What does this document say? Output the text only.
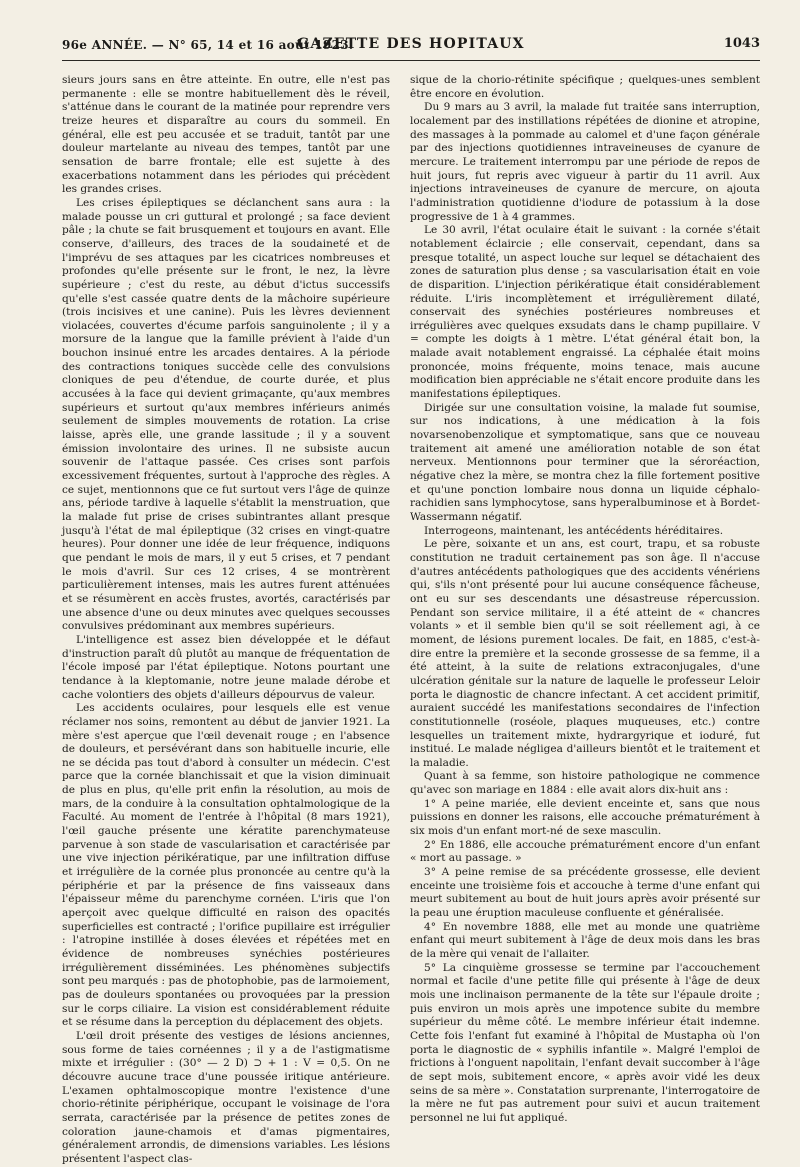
96e ANNÉE. — N° 65, 14 et 16 août 1923.
GAZETTE DES HOPITAUX	1043

sieurs jours sans en être atteinte. En outre, elle n'est pas permanente : elle se montre habituellement dès le réveil, s'atténue dans le courant de la matinée pour reprendre vers treize heures et disparaître au cours du sommeil. En général, elle est peu accusée et se traduit, tantôt par une douleur martelante au niveau des tempes, tantôt par une sensation de barre frontale; elle est sujette à des exacerbations notamment dans les périodes qui précèdent les grandes crises.

Les crises épileptiques se déclanchent sans aura : la malade pousse un cri guttural et prolongé ; sa face devient pâle ; la chute se fait brusquement et toujours en avant. Elle conserve, d'ailleurs, des traces de la soudaineté et de l'imprévu de ses attaques par les cicatrices nombreuses et profondes qu'elle présente sur le front, le nez, la lèvre supérieure ; c'est du reste, au début d'ictus successifs qu'elle s'est cassée quatre dents de la mâchoire supérieure (trois incisives et une canine). Puis les lèvres deviennent violacées, couvertes d'écume parfois sanguinolente ; il y a morsure de la langue que la famille prévient à l'aide d'un bouchon insinué entre les arcades dentaires. A la période des contractions toniques succède celle des convulsions cloniques de peu d'étendue, de courte durée, et plus accusées à la face qui devient grimaçante, qu'aux membres supérieurs et surtout qu'aux membres inférieurs animés seulement de simples mouvements de rotation. La crise laisse, après elle, une grande lassitude ; il y a souvent émission involontaire des urines. Il ne subsiste aucun souvenir de l'attaque passée. Ces crises sont parfois excessivement fréquentes, surtout à l'approche des règles. A ce sujet, mentionnons que ce fut surtout vers l'âge de quinze ans, période tardive à laquelle s'établit la menstruation, que la malade fut prise de crises subintrantes allant presque jusqu'à l'état de mal épileptique (32 crises en vingt-quatre heures). Pour donner une idée de leur fréquence, indiquons que pendant le mois de mars, il y eut 5 crises, et 7 pendant le mois d'avril. Sur ces 12 crises, 4 se montrèrent particulièrement intenses, mais les autres furent atténuées et se résumèrent en accès frustes, avortés, caractérisés par une absence d'une ou deux minutes avec quelques secousses convulsives prédominant aux membres supérieurs.

L'intelligence est assez bien développée et le défaut d'instruction paraît dû plutôt au manque de fréquentation de l'école imposé par l'état épileptique. Notons pourtant une tendance à la kleptomanie, notre jeune malade dérobe et cache volontiers des objets d'ailleurs dépourvus de valeur.

Les accidents oculaires, pour lesquels elle est venue réclamer nos soins, remontent au début de janvier 1921. La mère s'est aperçue que l'œil devenait rouge ; en l'absence de douleurs, et persévérant dans son habituelle incurie, elle ne se décida pas tout d'abord à consulter un médecin. C'est parce que la cornée blanchissait et que la vision diminuait de plus en plus, qu'elle prit enfin la résolution, au mois de mars, de la conduire à la consultation ophtalmologique de la Faculté. Au moment de l'entrée à l'hôpital (8 mars 1921), l'œil gauche présente une kératite parenchymateuse parvenue à son stade de vascularisation et caractérisée par une vive injection périkératique, par une infiltration diffuse et irrégulière de la cornée plus prononcée au centre qu'à la périphérie et par la présence de fins vaisseaux dans l'épaisseur même du parenchyme cornéen. L'iris que l'on aperçoit avec quelque difficulté en raison des opacités superficielles est contracté ; l'orifice pupillaire est irrégulier : l'atropine instillée à doses élevées et répétées met en évidence de nombreuses synéchies postérieures irrégulièrement disséminées. Les phénomènes subjectifs sont peu marqués : pas de photophobie, pas de larmoiement, pas de douleurs spontanées ou provoquées par la pression sur le corps ciliaire. La vision est considérablement réduite et se résume dans la perception du déplacement des objets.

L'œil droit présente des vestiges de lésions anciennes, sous forme de taies cornéennes ; il y a de l'astigmatisme mixte et irrégulier : (30° — 2 D) ⊃ + 1 : V = 0,5. On ne découvre aucune trace d'une poussée iritique antérieure. L'examen ophtalmoscopique montre l'existence d'une chorio-rétinite périphérique, occupant le voisinage de l'ora serrata, caractérisée par la présence de petites zones de coloration jaune-chamois et d'amas pigmentaires, généralement arrondis, de dimensions variables. Les lésions présentent l'aspect clas-

sique de la chorio-rétinite spécifique ; quelques-unes semblent être encore en évolution.

Du 9 mars au 3 avril, la malade fut traitée sans interruption, localement par des instillations répétées de dionine et atropine, des massages à la pommade au calomel et d'une façon générale par des injections quotidiennes intraveineuses de cyanure de mercure. Le traitement interrompu par une période de repos de huit jours, fut repris avec vigueur à partir du 11 avril. Aux injections intraveineuses de cyanure de mercure, on ajouta l'administration quotidienne d'iodure de potassium à la dose progressive de 1 à 4 grammes.

Le 30 avril, l'état oculaire était le suivant : la cornée s'était notablement éclaircie ; elle conservait, cependant, dans sa presque totalité, un aspect louche sur lequel se détachaient des zones de saturation plus dense ; sa vascularisation était en voie de disparition. L'injection périkératique était considérablement réduite. L'iris incomplètement et irrégulièrement dilaté, conservait des synéchies postérieures nombreuses et irrégulières avec quelques exsudats dans le champ pupillaire. V = compte les doigts à 1 mètre. L'état général était bon, la malade avait notablement engraissé. La céphalée était moins prononcée, moins fréquente, moins tenace, mais aucune modification bien appréciable ne s'était encore produite dans les manifestations épileptiques.

Dirigée sur une consultation voisine, la malade fut soumise, sur nos indications, à une médication à la fois novarsenobenzolique et symptomatique, sans que ce nouveau traitement ait amené une amélioration notable de son état nerveux. Mentionnons pour terminer que la séroréaction, négative chez la mère, se montra chez la fille fortement positive et qu'une ponction lombaire nous donna un liquide céphalo-rachidien sans lymphocytose, sans hyperalbuminose et à Bordet-Wassermann négatif.

Interrogeons, maintenant, les antécédents héréditaires.

Le père, soixante et un ans, est court, trapu, et sa robuste constitution ne traduit certainement pas son âge. Il n'accuse d'autres antécédents pathologiques que des accidents vénériens qui, s'ils n'ont présenté pour lui aucune conséquence fâcheuse, ont eu sur ses descendants une désastreuse répercussion. Pendant son service militaire, il a été atteint de « chancres volants » et il semble bien qu'il se soit réellement agi, à ce moment, de lésions purement locales. De fait, en 1885, c'est-à-dire entre la première et la seconde grossesse de sa femme, il a été atteint, à la suite de relations extraconjugales, d'une ulcération génitale sur la nature de laquelle le professeur Leloir porta le diagnostic de chancre infectant. A cet accident primitif, auraient succédé les manifestations secondaires de l'infection constitutionnelle (roséole, plaques muqueuses, etc.) contre lesquelles un traitement mixte, hydrargyrique et ioduré, fut institué. Le malade négligea d'ailleurs bientôt et le traitement et la maladie.

Quant à sa femme, son histoire pathologique ne commence qu'avec son mariage en 1884 : elle avait alors dix-huit ans :

1° A peine mariée, elle devient enceinte et, sans que nous puissions en donner les raisons, elle accouche prématurément à six mois d'un enfant mort-né de sexe masculin.

2° En 1886, elle accouche prématurément encore d'un enfant « mort au passage. »

3° A peine remise de sa précédente grossesse, elle devient enceinte une troisième fois et accouche à terme d'une enfant qui meurt subitement au bout de huit jours après avoir présenté sur la peau une éruption maculeuse confluente et généralisée.

4° En novembre 1888, elle met au monde une quatrième enfant qui meurt subitement à l'âge de deux mois dans les bras de la mère qui venait de l'allaiter.

5° La cinquième grossesse se termine par l'accouchement normal et facile d'une petite fille qui présente à l'âge de deux mois une inclinaison permanente de la tête sur l'épaule droite ; puis environ un mois après une impotence subite du membre supérieur du même côté. Le membre inférieur était indemne. Cette fois l'enfant fut examiné à l'hôpital de Mustapha où l'on porta le diagnostic de « syphilis infantile ». Malgré l'emploi de frictions à l'onguent napolitain, l'enfant devait succomber à l'âge de sept mois, subitement encore, « après avoir vidé les deux seins de sa mère ». Constatation surprenante, l'interrogatoire de la mère ne fut pas autrement pour suivi et aucun traitement personnel ne lui fut appliqué.
